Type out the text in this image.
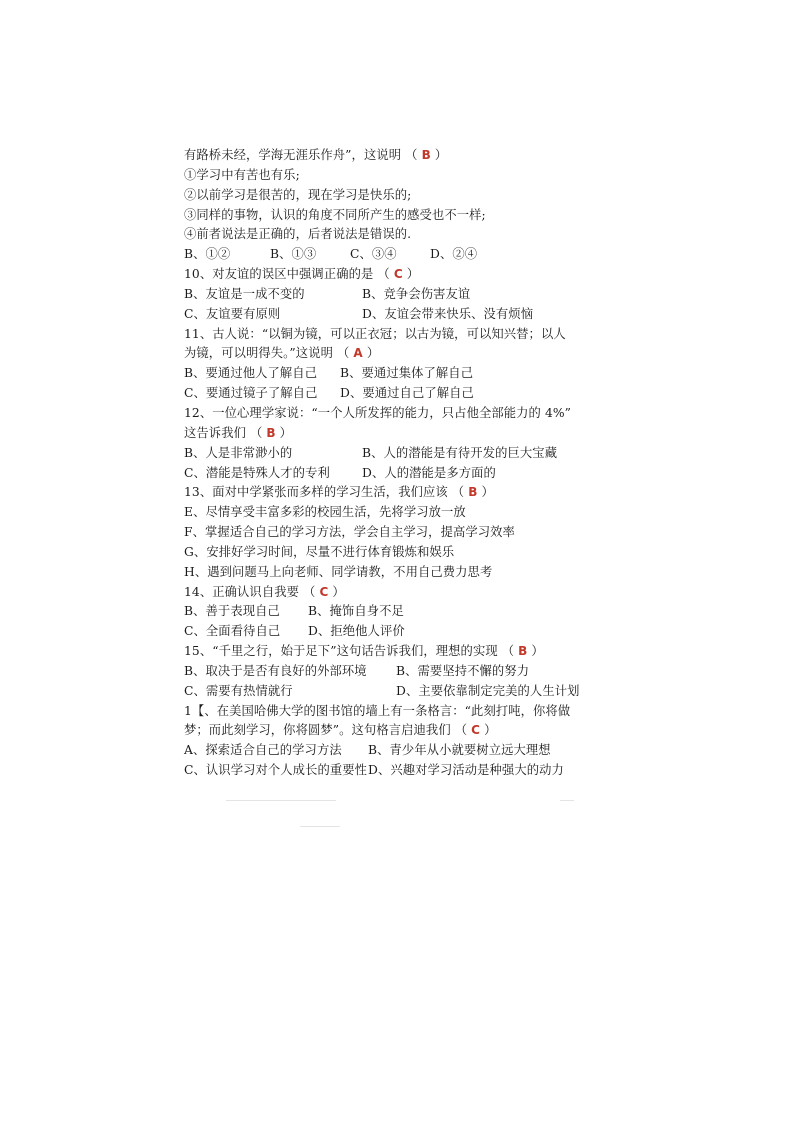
有路桥未经，学海无涯乐作舟”，这说明 （ B ）
①学习中有苦也有乐;
②以前学习是很苦的，现在学习是快乐的;
③同样的事物，认识的角度不同所产生的感受也不一样;
④前者说法是正确的，后者说法是错误的.
B、①②	B、①③	C、③④	D、②④
10、对友谊的误区中强调正确的是 （ C ）
B、友谊是一成不变的	B、竞争会伤害友谊
C、友谊要有原则	D、友谊会带来快乐、没有烦恼
11、古人说：“以铜为镜，可以正衣冠；以古为镜，可以知兴替；以人
为镜，可以明得失。”这说明 （ A ）
B、要通过他人了解自己 B、要通过集体了解自己
C、要通过镜子了解自己 D、要通过自己了解自己
12、一位心理学家说：“一个人所发挥的能力，只占他全部能力的 4%”
这告诉我们 （ B ）
B、人是非常渺小的	B、人的潜能是有待开发的巨大宝藏
C、潜能是特殊人才的专利	D、人的潜能是多方面的
13、面对中学紧张而多样的学习生活，我们应该 （ B ）
E、尽情享受丰富多彩的校园生活，先将学习放一放
F、掌握适合自己的学习方法，学会自主学习，提高学习效率
G、安排好学习时间，尽量不进行体育锻炼和娱乐
H、遇到问题马上向老师、同学请教，不用自己费力思考
14、正确认识自我要 （ C ）
B、善于表现自己 B、掩饰自身不足
C、全面看待自己 D、拒绝他人评价
15、“千里之行，始于足下”这句话告诉我们，理想的实现 （ B ）
B、取决于是否有良好的外部环境 B、需要坚持不懈的努力
C、需要有热情就行	D、主要依靠制定完美的人生计划
1【、在美国哈佛大学的图书馆的墙上有一条格言：“此刻打吨，你将做
梦；而此刻学习，你将圆梦”。这句格言启迪我们 （ C ）
A、探索适合自己的学习方法 B、青少年从小就要树立远大理想
C、认识学习对个人成长的重要性D、兴趣对学习活动是种强大的动力
